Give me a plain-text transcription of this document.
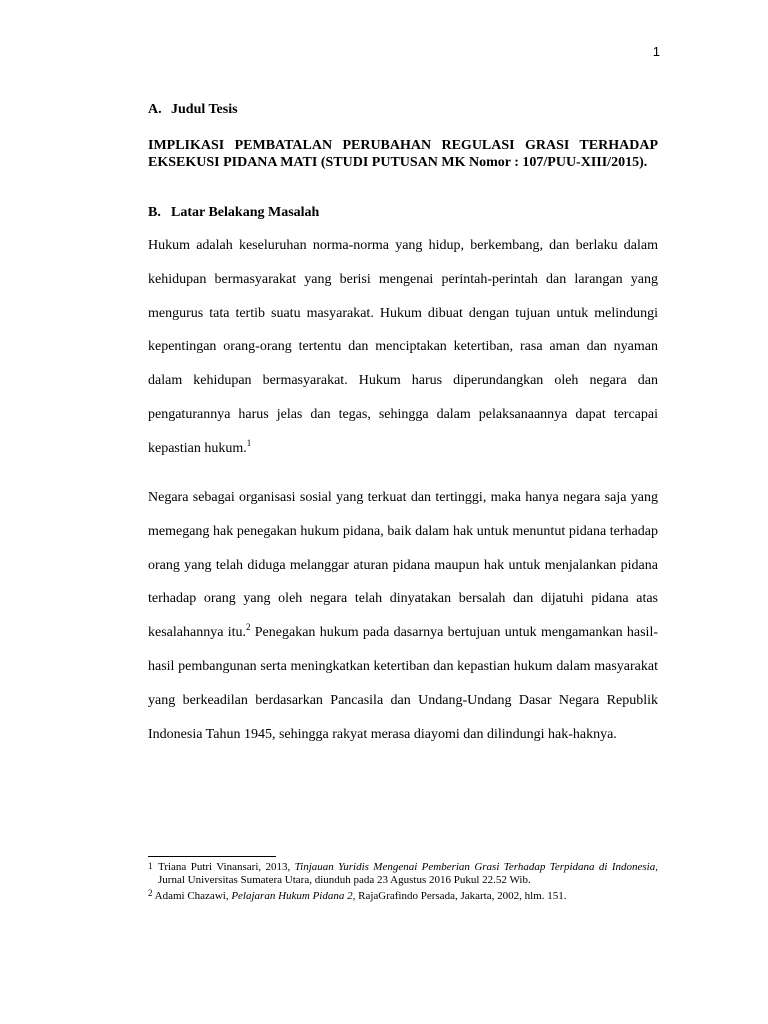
1
A. Judul Tesis

IMPLIKASI PEMBATALAN PERUBAHAN REGULASI GRASI TERHADAP EKSEKUSI PIDANA MATI (STUDI PUTUSAN MK Nomor : 107/PUU-XIII/2015).

B. Latar Belakang Masalah

Hukum adalah keseluruhan norma-norma yang hidup, berkembang, dan berlaku dalam kehidupan bermasyarakat yang berisi mengenai perintah-perintah dan larangan yang mengurus tata tertib suatu masyarakat. Hukum dibuat dengan tujuan untuk melindungi kepentingan orang-orang tertentu dan menciptakan ketertiban, rasa aman dan nyaman dalam kehidupan bermasyarakat. Hukum harus diperundangkan oleh negara dan pengaturannya harus jelas dan tegas, sehingga dalam pelaksanaannya dapat tercapai kepastian hukum.$^1$

Negara sebagai organisasi sosial yang terkuat dan tertinggi, maka hanya negara saja yang memegang hak penegakan hukum pidana, baik dalam hak untuk menuntut pidana terhadap orang yang telah diduga melanggar aturan pidana maupun hak untuk menjalankan pidana terhadap orang yang oleh negara telah dinyatakan bersalah dan dijatuhi pidana atas kesalahannya itu.$^2$ Penegakan hukum pada dasarnya bertujuan untuk mengamankan hasil-hasil pembangunan serta meningkatkan ketertiban dan kepastian hukum dalam masyarakat yang berkeadilan berdasarkan Pancasila dan Undang-Undang Dasar Negara Republik Indonesia Tahun 1945, sehingga rakyat merasa diayomi dan dilindungi hak-haknya.

1 Triana Putri Vinansari, 2013, Tinjauan Yuridis Mengenai Pemberian Grasi Terhadap Terpidana di Indonesia, Jurnal Universitas Sumatera Utara, diunduh pada 23 Agustus 2016 Pukul 22.52 Wib.

$^2$ Adami Chazawi, Pelajaran Hukum Pidana 2, RajaGrafindo Persada, Jakarta, 2002, hlm. 151.
